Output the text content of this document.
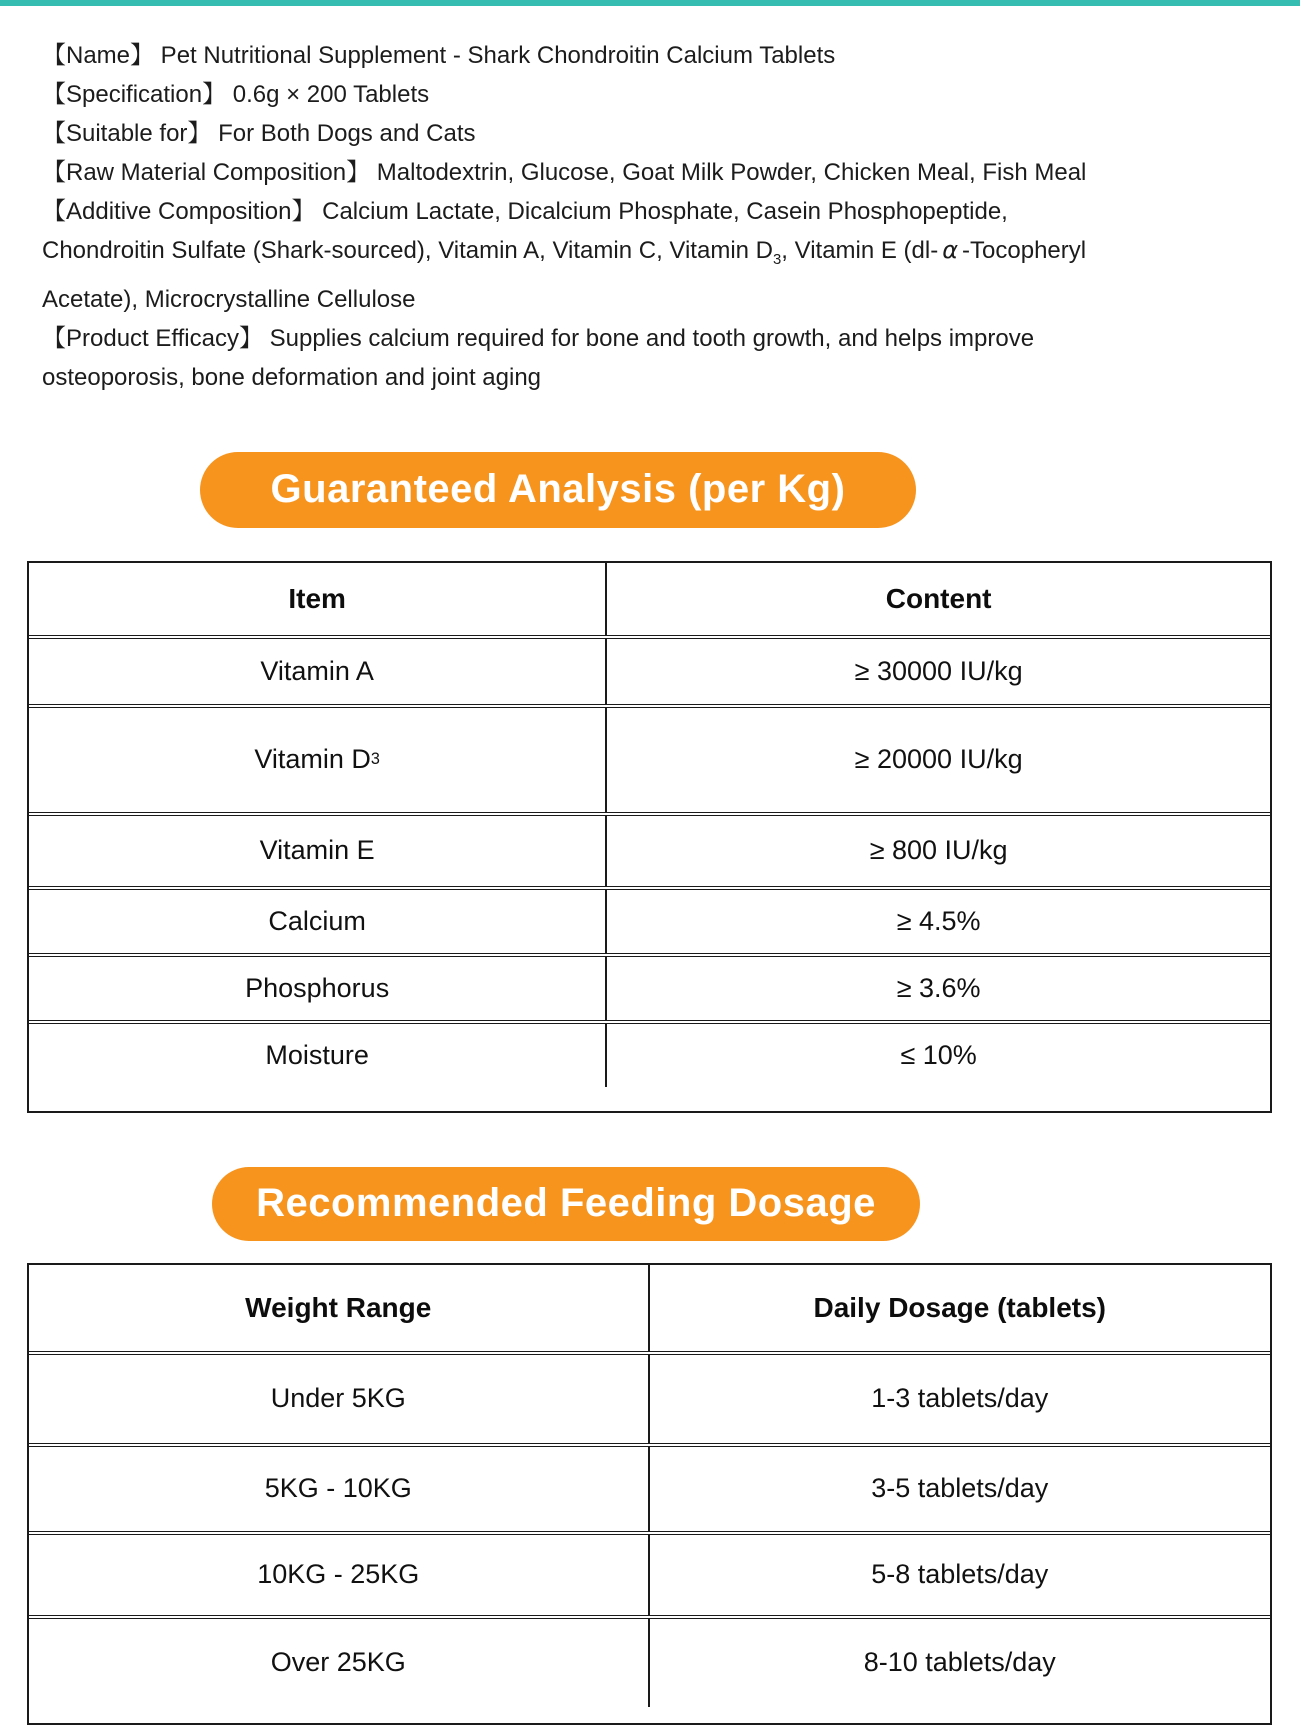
【Name】 Pet Nutritional Supplement - Shark Chondroitin Calcium Tablets

【Specification】 0.6g × 200 Tablets

【Suitable for】 For Both Dogs and Cats

【Raw Material Composition】 Maltodextrin, Glucose, Goat Milk Powder, Chicken Meal, Fish Meal

【Additive Composition】 Calcium Lactate, Dicalcium Phosphate, Casein Phosphopeptide,

Chondroitin Sulfate (Shark-sourced), Vitamin A, Vitamin C, Vitamin $D_3$, Vitamin E (dl- α -Tocopheryl

Acetate), Microcrystalline Cellulose

【Product Efficacy】 Supplies calcium required for bone and tooth growth, and helps improve

osteoporosis, bone deformation and joint aging

Guaranteed Analysis (per Kg)
Item	Content
Vitamin A	≥ 30000 IU/kg
Vitamin D 3	≥ 20000 IU/kg
Vitamin E	≥ 800 IU/kg
Calcium	≥ 4.5%
Phosphorus	≥ 3.6%
Moisture	≤ 10%
Recommended Feeding Dosage
Weight Range	Daily Dosage (tablets)
Under 5KG	1-3 tablets/day
5KG - 10KG	3-5 tablets/day
10KG - 25KG	5-8 tablets/day
Over 25KG	8-10 tablets/day
